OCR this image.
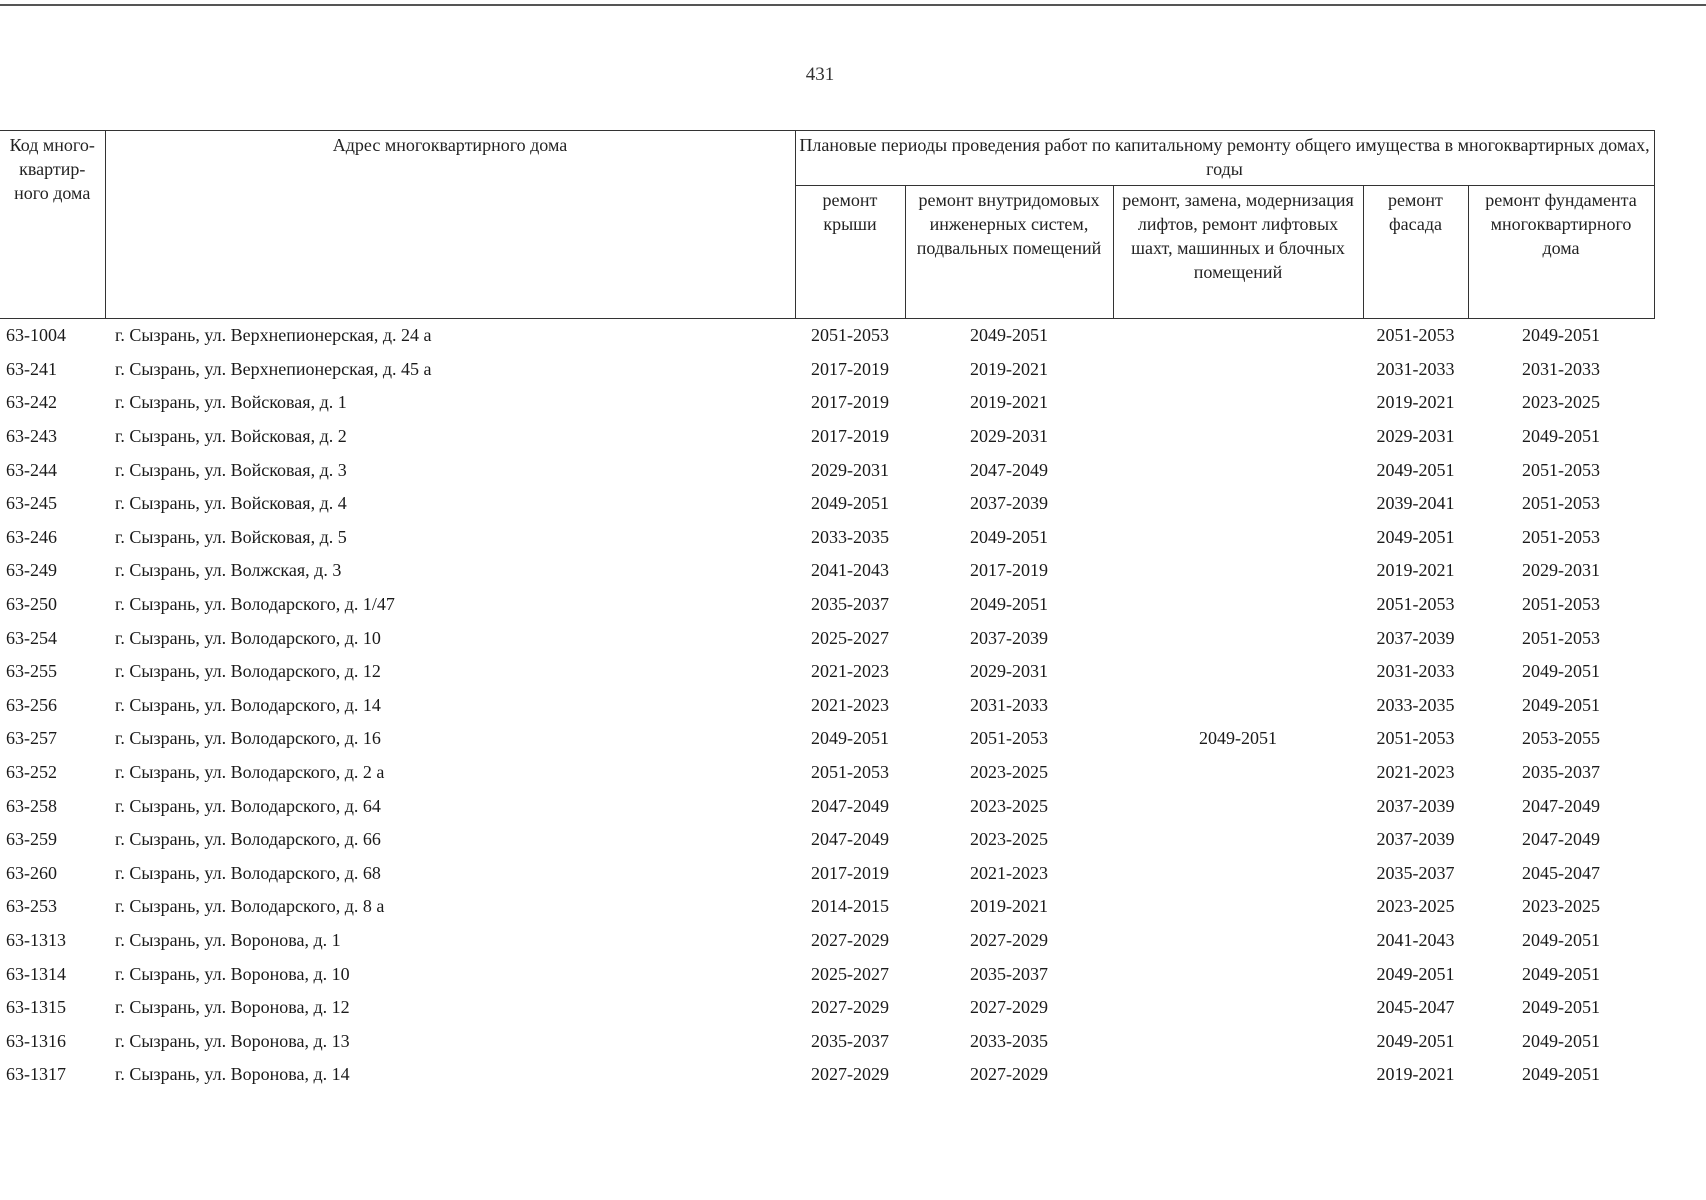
431
Код много-квартир-ного дома	Адрес многоквартирного дома	Плановые периоды проведения работ по капитальному ремонту общего имущества в многоквартирных домах, годы				
		ремонт крыши	ремонт внутридомовых инженерных систем, подвальных помещений	ремонт, замена, модернизация лифтов, ремонт лифтовых шахт, машинных и блочных помещений	ремонт фасада	ремонт фундамента многоквартирного дома
63-1004	г. Сызрань, ул. Верхнепионерская, д. 24 а	2051-2053	2049-2051		2051-2053	2049-2051
63-241	г. Сызрань, ул. Верхнепионерская, д. 45 а	2017-2019	2019-2021		2031-2033	2031-2033
63-242	г. Сызрань, ул. Войсковая, д. 1	2017-2019	2019-2021		2019-2021	2023-2025
63-243	г. Сызрань, ул. Войсковая, д. 2	2017-2019	2029-2031		2029-2031	2049-2051
63-244	г. Сызрань, ул. Войсковая, д. 3	2029-2031	2047-2049		2049-2051	2051-2053
63-245	г. Сызрань, ул. Войсковая, д. 4	2049-2051	2037-2039		2039-2041	2051-2053
63-246	г. Сызрань, ул. Войсковая, д. 5	2033-2035	2049-2051		2049-2051	2051-2053
63-249	г. Сызрань, ул. Волжская, д. 3	2041-2043	2017-2019		2019-2021	2029-2031
63-250	г. Сызрань, ул. Володарского, д. 1/47	2035-2037	2049-2051		2051-2053	2051-2053
63-254	г. Сызрань, ул. Володарского, д. 10	2025-2027	2037-2039		2037-2039	2051-2053
63-255	г. Сызрань, ул. Володарского, д. 12	2021-2023	2029-2031		2031-2033	2049-2051
63-256	г. Сызрань, ул. Володарского, д. 14	2021-2023	2031-2033		2033-2035	2049-2051
63-257	г. Сызрань, ул. Володарского, д. 16	2049-2051	2051-2053	2049-2051	2051-2053	2053-2055
63-252	г. Сызрань, ул. Володарского, д. 2 а	2051-2053	2023-2025		2021-2023	2035-2037
63-258	г. Сызрань, ул. Володарского, д. 64	2047-2049	2023-2025		2037-2039	2047-2049
63-259	г. Сызрань, ул. Володарского, д. 66	2047-2049	2023-2025		2037-2039	2047-2049
63-260	г. Сызрань, ул. Володарского, д. 68	2017-2019	2021-2023		2035-2037	2045-2047
63-253	г. Сызрань, ул. Володарского, д. 8 а	2014-2015	2019-2021		2023-2025	2023-2025
63-1313	г. Сызрань, ул. Воронова, д. 1	2027-2029	2027-2029		2041-2043	2049-2051
63-1314	г. Сызрань, ул. Воронова, д. 10	2025-2027	2035-2037		2049-2051	2049-2051
63-1315	г. Сызрань, ул. Воронова, д. 12	2027-2029	2027-2029		2045-2047	2049-2051
63-1316	г. Сызрань, ул. Воронова, д. 13	2035-2037	2033-2035		2049-2051	2049-2051
63-1317	г. Сызрань, ул. Воронова, д. 14	2027-2029	2027-2029		2019-2021	2049-2051
